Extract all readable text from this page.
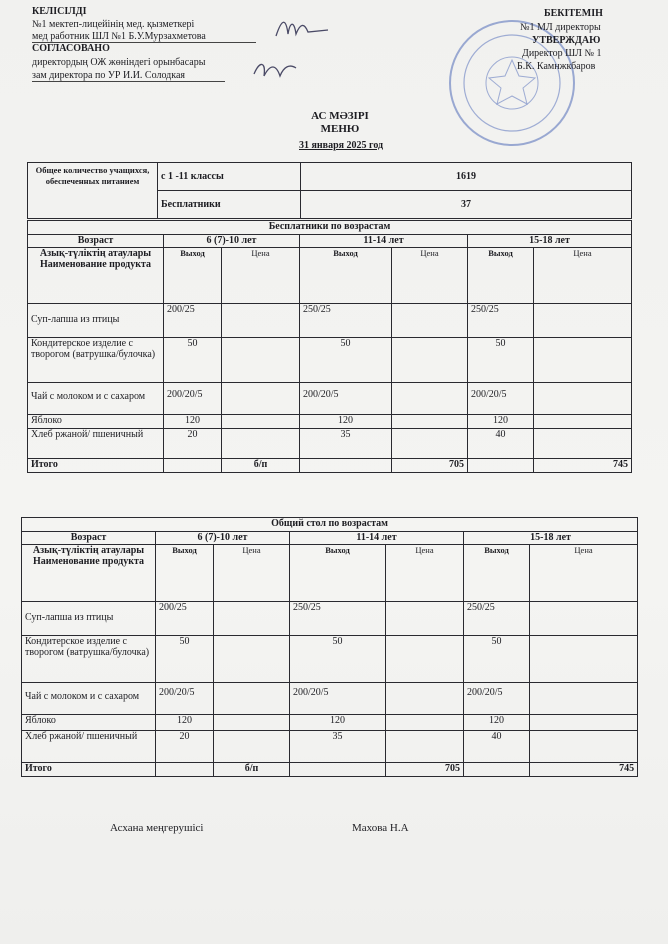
КЕЛІСІЛДІ
№1 мектеп-лицейінің мед. қызметкері
мед работник ШЛ №1 Б.У.Мурзахметова
СОГЛАСОВАНО
директордың ОЖ жөніндегі орынбасары
зам директора по УР И.И. Солодкая
БЕКІТЕМІН
№1 МЛ директоры
УТВЕРЖДАЮ
Директор ШЛ № 1
Б.К. Камнжкбаров
АС МӘЗІРІ
МЕНЮ
31 января 2025 год
Общее количество учащихся, обеспеченных питанием	с 1 -11 классы	1619
	Бесплатники	37
Бесплатники по возрастам						
Возраст	6 (7)-10 лет		11-14 лет		15-18 лет	
Азық-түліктің атаулары Наименование продукта	Выход	Цена	Выход	Цена	Выход	Цена
Суп-лапша из птицы	200/25		250/25		250/25	
Кондитерское изделие с творогом (ватрушка/булочка)	50		50		50	
Чай с молоком и с сахаром	200/20/5		200/20/5		200/20/5	
Яблоко	120		120		120	
Хлеб ржаной/ пшеничный	20		35		40	
Итого		б/п		705		745
Общий стол по возрастам						
Возраст	6 (7)-10 лет		11-14 лет		15-18 лет	
Азық-түліктің атаулары Наименование продукта	Выход	Цена	Выход	Цена	Выход	Цена
Суп-лапша из птицы	200/25		250/25		250/25	
Кондитерское изделие с творогом (ватрушка/булочка)	50		50		50	
Чай с молоком и с сахаром	200/20/5		200/20/5		200/20/5	
Яблоко	120		120		120	
Хлеб ржаной/ пшеничный	20		35		40	
Итого		б/п		705		745
Асхана меңгерушісі	Махова Н.А
